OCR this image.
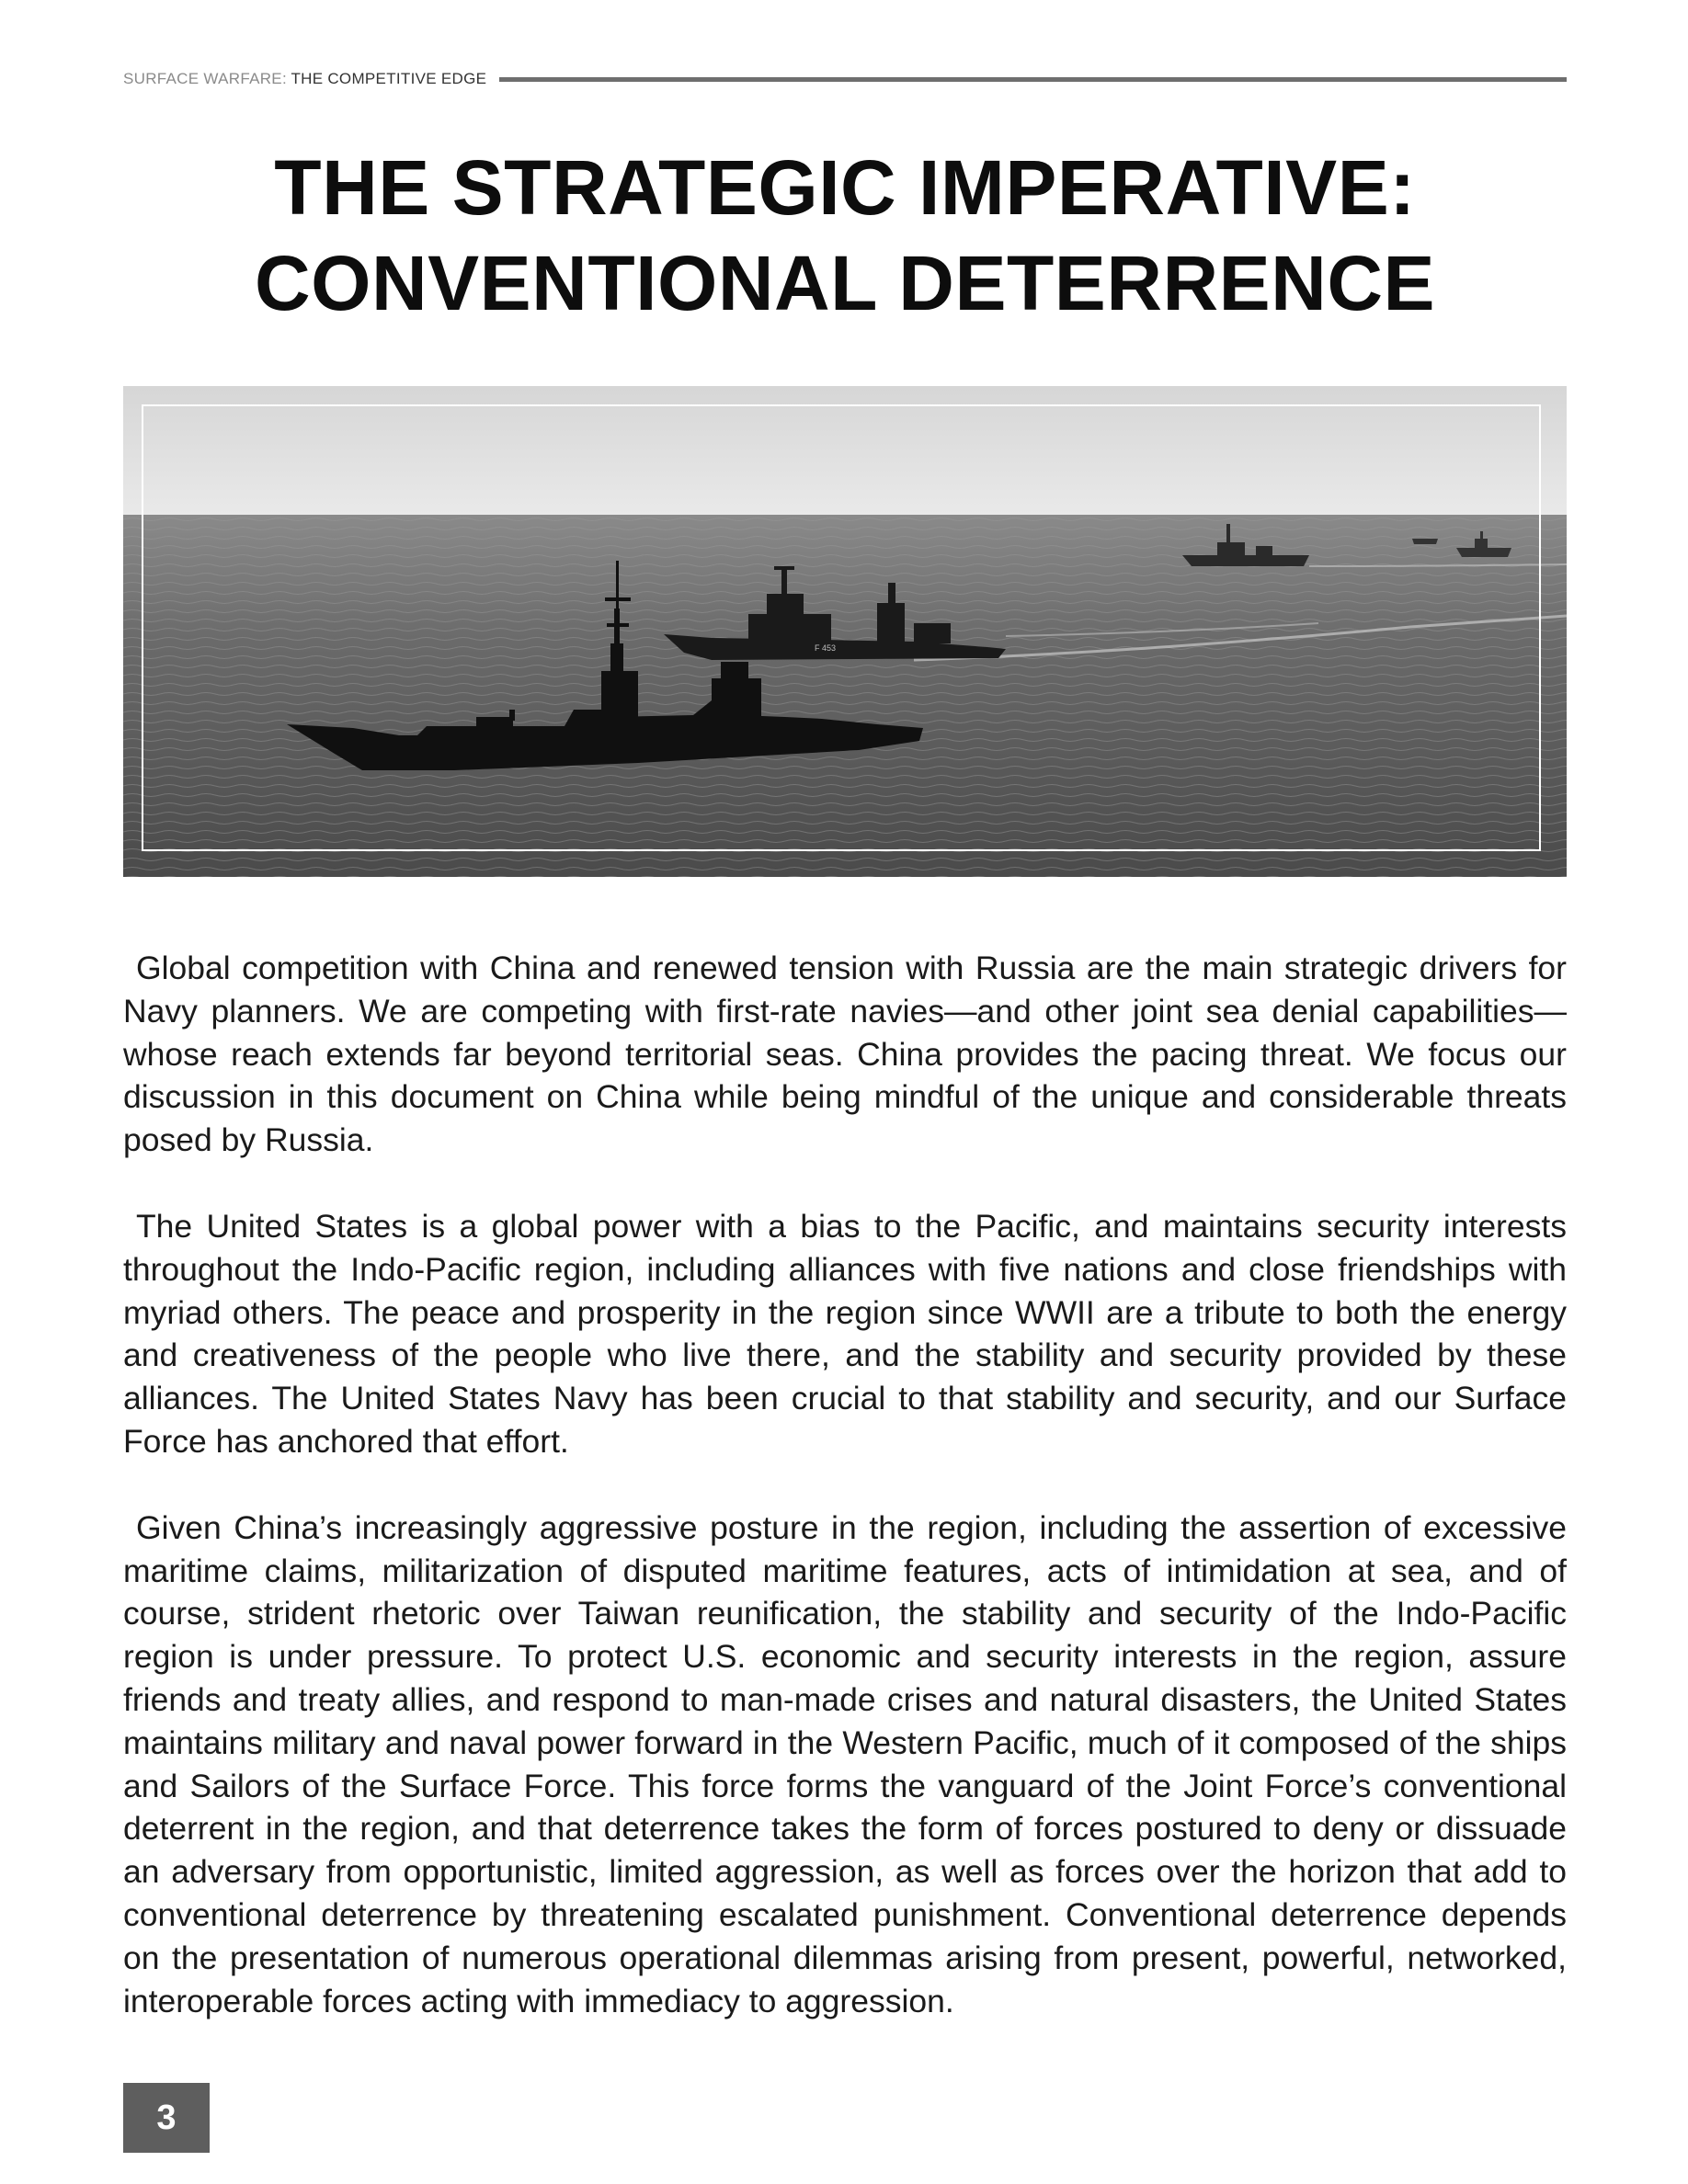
SURFACE WARFARE:
THE COMPETITIVE EDGE
THE STRATEGIC IMPERATIVE:
CONVENTIONAL DETERRENCE
F 453

Global competition with China and renewed tension with Russia are the main strategic drivers for Navy planners. We are competing with first-rate navies—and other joint sea denial capabilities—whose reach extends far beyond territorial seas. China provides the pacing threat. We focus our discussion in this document on China while being mindful of the unique and considerable threats posed by Russia.

The United States is a global power with a bias to the Pacific, and maintains security interests throughout the Indo-Pacific region, including alliances with five nations and close friendships with myriad others. The peace and prosperity in the region since WWII are a tribute to both the energy and creativeness of the people who live there, and the stability and security provided by these alliances. The United States Navy has been crucial to that stability and security, and our Surface Force has anchored that effort.

Given China’s increasingly aggressive posture in the region, including the assertion of excessive maritime claims, militarization of disputed maritime features, acts of intimidation at sea, and of course, strident rhetoric over Taiwan reunification, the stability and security of the Indo-Pacific region is under pressure. To protect U.S. economic and security interests in the region, assure friends and treaty allies, and respond to man-made crises and natural disasters, the United States maintains military and naval power forward in the Western Pacific, much of it composed of the ships and Sailors of the Surface Force. This force forms the vanguard of the Joint Force’s conventional deterrent in the region, and that deterrence takes the form of forces postured to deny or dissuade an adversary from opportunistic, limited aggression, as well as forces over the horizon that add to conventional deterrence by threatening escalated punishment. Conventional deterrence depends on the presentation of numerous operational dilemmas arising from present, powerful, networked, interoperable forces acting with immediacy to aggression.

3
